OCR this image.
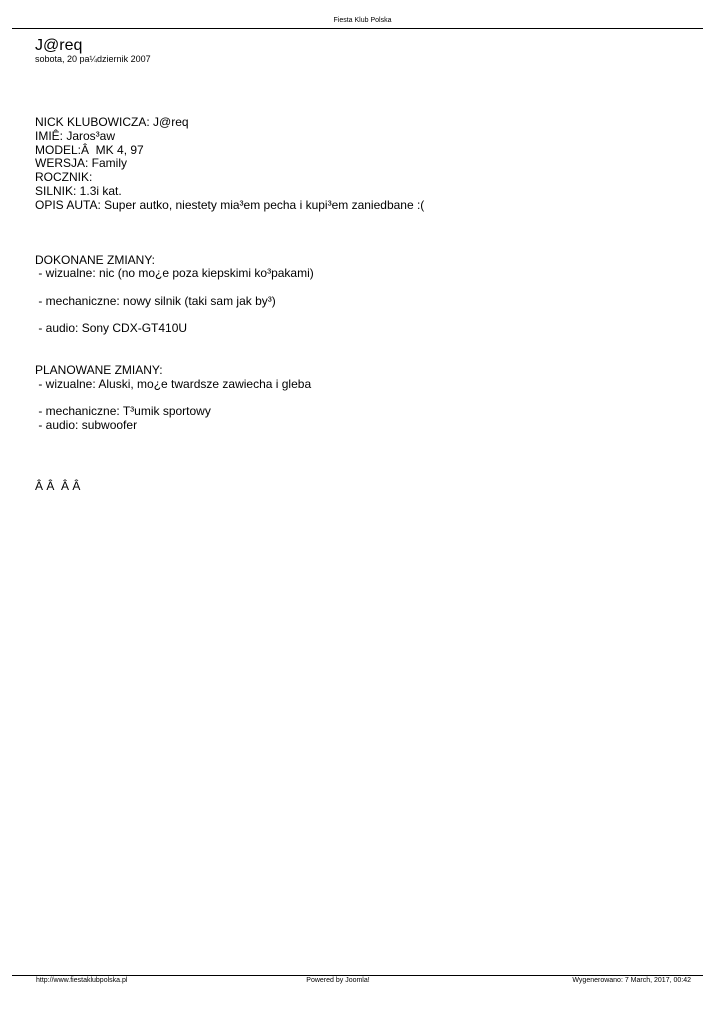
Fiesta Klub Polska
J@req
sobota, 20 pa¼dziernik 2007
NICK KLUBOWICZA: J@req
IMIÊ: Jaros³aw
MODEL:Â  MK 4, 97
WERSJA: Family
ROCZNIK:
SILNIK: 1.3i kat.
OPIS AUTA: Super autko, niestety mia³em pecha i kupi³em zaniedbane :(
DOKONANE ZMIANY:
- wizualne: nic (no mo¿e poza kiepskimi ko³pakami)
- mechaniczne: nowy silnik (taki sam jak by³)
- audio: Sony CDX-GT410U
PLANOWANE ZMIANY:
- wizualne: Aluski, mo¿e twardsze zawiecha i gleba
- mechaniczne: T³umik sportowy
- audio: subwoofer
Â Â  Â Â
http://www.fiestaklubpolska.pl	Powered by Joomla!	Wygenerowano: 7 March, 2017, 00:42
